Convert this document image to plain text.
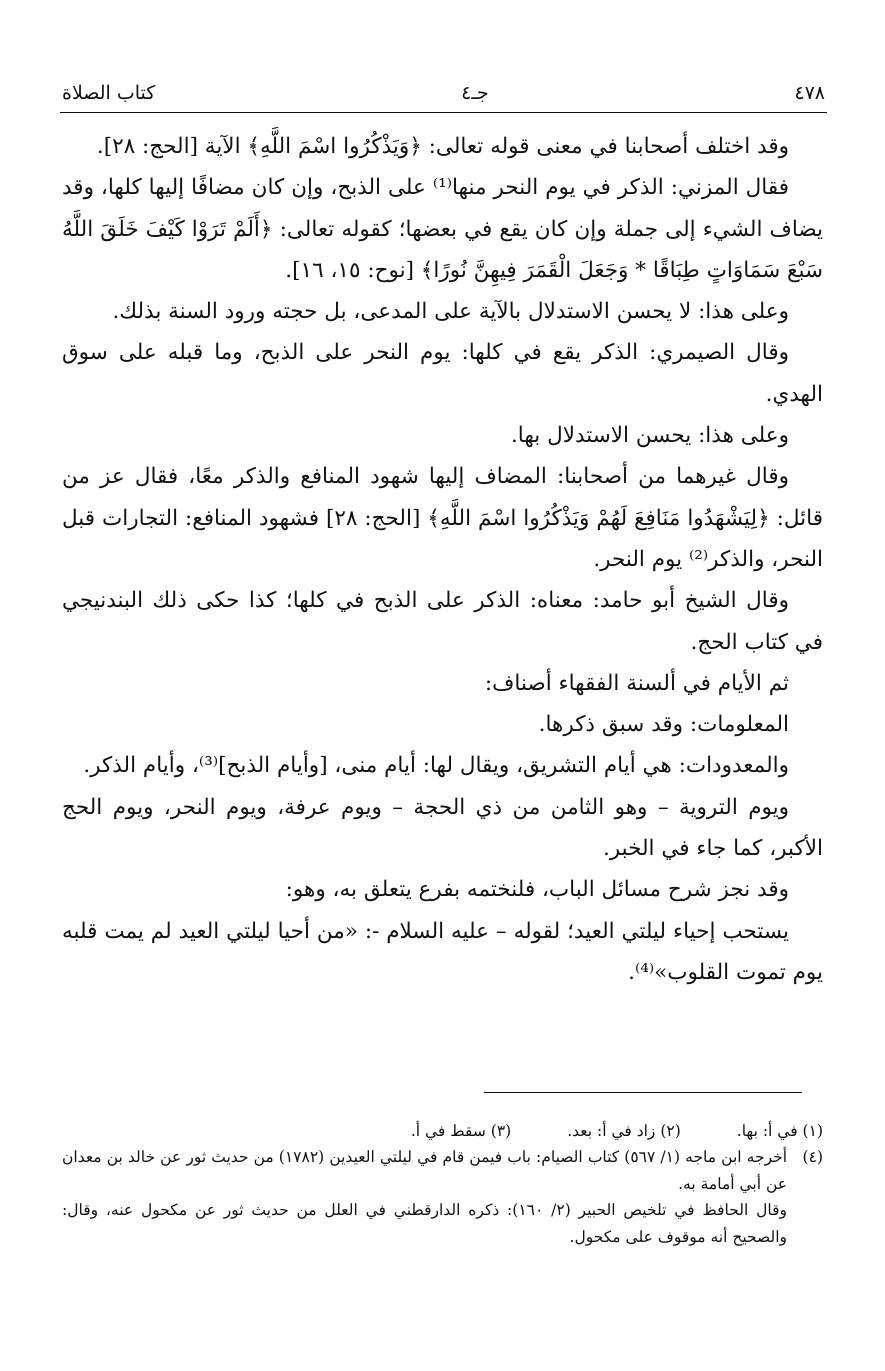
كتاب الصلاة	جـ٤	٤٧٨

وقد اختلف أصحابنا في معنى قوله تعالى: ﴿وَيَذْكُرُوا اسْمَ اللَّهِ﴾ الآية [الحج: ٢٨].

فقال المزني: الذكر في يوم النحر منها⁽¹⁾ على الذبح، وإن كان مضافًا إليها كلها، وقد يضاف الشيء إلى جملة وإن كان يقع في بعضها؛ كقوله تعالى: ﴿أَلَمْ تَرَوْا كَيْفَ خَلَقَ اللَّهُ سَبْعَ سَمَاوَاتٍ طِبَاقًا * وَجَعَلَ الْقَمَرَ فِيهِنَّ نُورًا﴾ [نوح: ١٥، ١٦].

وعلى هذا: لا يحسن الاستدلال بالآية على المدعى، بل حجته ورود السنة بذلك.

وقال الصيمري: الذكر يقع في كلها: يوم النحر على الذبح، وما قبله على سوق الهدي.

وعلى هذا: يحسن الاستدلال بها.

وقال غيرهما من أصحابنا: المضاف إليها شهود المنافع والذكر معًا، فقال عز من قائل: ﴿لِيَشْهَدُوا مَنَافِعَ لَهُمْ وَيَذْكُرُوا اسْمَ اللَّهِ﴾ [الحج: ٢٨] فشهود المنافع: التجارات قبل النحر، والذكر⁽²⁾ يوم النحر.

وقال الشيخ أبو حامد: معناه: الذكر على الذبح في كلها؛ كذا حكى ذلك البندنيجي في كتاب الحج.

ثم الأيام في ألسنة الفقهاء أصناف:

المعلومات: وقد سبق ذكرها.

والمعدودات: هي أيام التشريق، ويقال لها: أيام منى، [وأيام الذبح]⁽³⁾، وأيام الذكر.

ويوم التروية – وهو الثامن من ذي الحجة – ويوم عرفة، ويوم النحر، ويوم الحج الأكبر، كما جاء في الخبر.

وقد نجز شرح مسائل الباب، فلنختمه بفرع يتعلق به، وهو:

يستحب إحياء ليلتي العيد؛ لقوله – عليه السلام -: «من أحيا ليلتي العيد لم يمت قلبه يوم تموت القلوب»⁽⁴⁾.

(١) في أ: بها.
(٢) زاد في أ: بعد.
(٣) سقط في أ.
(٤)
أخرجه ابن ماجه (١/ ٥٦٧) كتاب الصيام: باب فيمن قام في ليلتي العيدين (١٧٨٢) من حديث ثور عن خالد بن معدان عن أبي أمامة به.
وقال الحافظ في تلخيص الحبير (٢/ ١٦٠): ذكره الدارقطني في العلل من حديث ثور عن مكحول عنه، وقال: والصحيح أنه موقوف على مكحول.
